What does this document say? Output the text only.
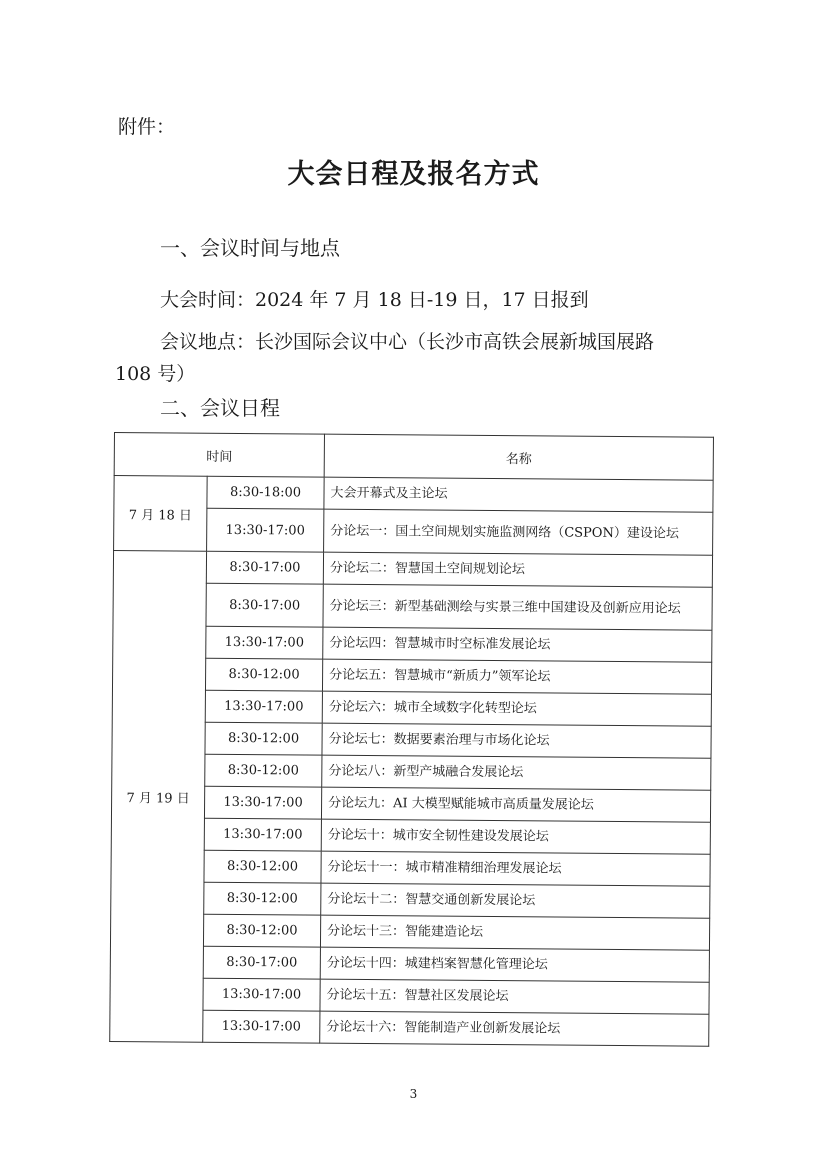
附件：
大会日程及报名方式
一、会议时间与地点
大会时间：2024 年 7 月 18 日-19 日，17 日报到
会议地点：长沙国际会议中心（长沙市高铁会展新城国展路
108 号）
二、会议日程
时间		名称
7 月 18 日	8:30-18:00	大会开幕式及主论坛
	13:30-17:00	分论坛一：国土空间规划实施监测网络（CSPON）建设论坛
7 月 19 日	8:30-17:00	分论坛二：智慧国土空间规划论坛
	8:30-17:00	分论坛三：新型基础测绘与实景三维中国建设及创新应用论坛
	13:30-17:00	分论坛四：智慧城市时空标准发展论坛
	8:30-12:00	分论坛五：智慧城市“新质力”领军论坛
	13:30-17:00	分论坛六：城市全域数字化转型论坛
	8:30-12:00	分论坛七：数据要素治理与市场化论坛
	8:30-12:00	分论坛八：新型产城融合发展论坛
	13:30-17:00	分论坛九：AI 大模型赋能城市高质量发展论坛
	13:30-17:00	分论坛十：城市安全韧性建设发展论坛
	8:30-12:00	分论坛十一：城市精准精细治理发展论坛
	8:30-12:00	分论坛十二：智慧交通创新发展论坛
	8:30-12:00	分论坛十三：智能建造论坛
	8:30-17:00	分论坛十四：城建档案智慧化管理论坛
	13:30-17:00	分论坛十五：智慧社区发展论坛
	13:30-17:00	分论坛十六：智能制造产业创新发展论坛
3
